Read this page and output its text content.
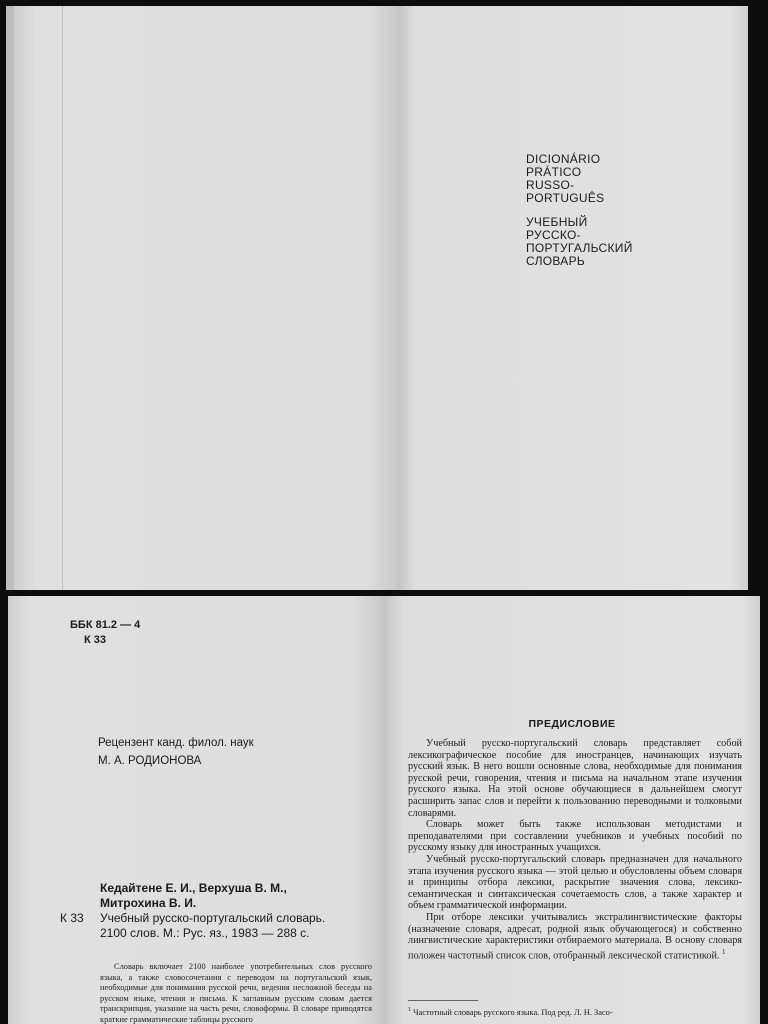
DICIONÁRIO
PRÁTICO
RUSSO-
PORTUGUÊS
УЧЕБНЫЙ
РУССКО-
ПОРТУГАЛЬСКИЙ
СЛОВАРЬ
ББК 81.2 — 4
К 33
Рецензент канд. филол. наук
М. А. РОДИОНОВА
Кедайтене Е. И., Верхуша В. М.,
Митрохина В. И.
К 33	Учебный русско-португальский словарь.
2100 слов. М.: Рус. яз., 1983 — 288 с.
Словарь включает 2100 наиболее употребительных слов русского языка, а также словосочетания с переводом на португальский язык, необходимые для понимания русской речи, ведения несложной беседы на русском языке, чтения и письма. К заглавным русским словам дается транскрипция, указание на часть речи, словоформы. В словаре приводятся краткие грамматические таблицы русского
ПРЕДИСЛОВИЕ

Учебный русско-португальский словарь представляет собой лексикографическое пособие для иностранцев, начинающих изучать русский язык. В него вошли основные слова, необходимые для понимания русской речи, говорения, чтения и письма на начальном этапе изучения русского языка. На этой основе обучающиеся в дальнейшем смогут расширить запас слов и перейти к пользованию переводными и толковыми словарями.

Словарь может быть также использован методистами и преподавателями при составлении учебников и учебных пособий по русскому языку для иностранных учащихся.

Учебный русско-португальский словарь предназначен для начального этапа изучения русского языка — этой целью и обусловлены объем словаря и принципы отбора лексики, раскрытие значения слова, лексико-семантическая и синтаксическая сочетаемость слов, а также характер и объем грамматической информации.

При отборе лексики учитывались экстралингвистические факторы (назначение словаря, адресат, родной язык обучающегося) и собственно лингвистические характеристики отбираемого материала. В основу словаря положен частотный список слов, отобранный лексической статистикой. $^1$

$^1$ Частотный словарь русского языка. Под ред. Л. Н. Засо-
